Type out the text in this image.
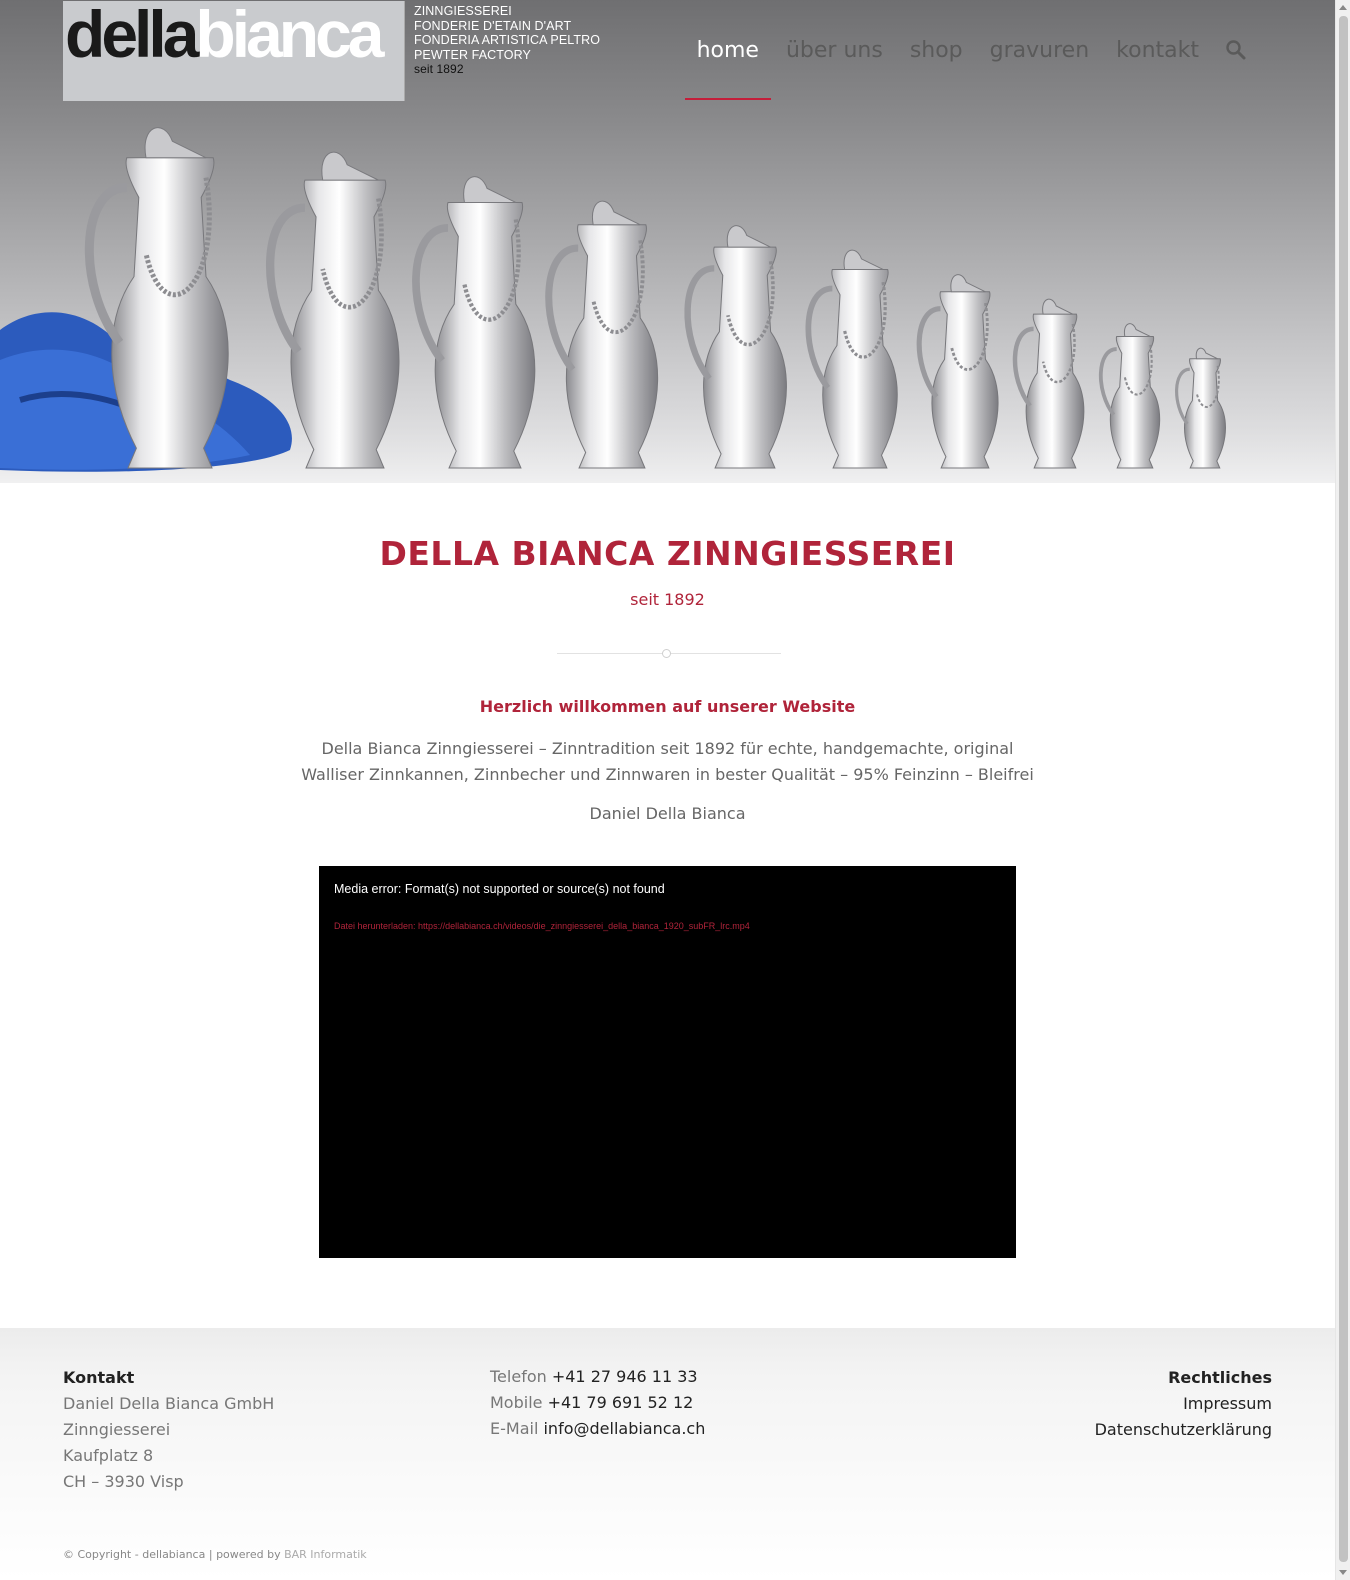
dellabianca	ZINNGIESSEREI
FONDERIE D'ETAIN D'ART
FONDERIA ARTISTICA PELTRO
PEWTER FACTORY
seit 1892
home über uns shop gravuren kontakt
DELLA BIANCA ZINNGIESSEREI
seit 1892
Herzlich willkommen auf unserer Website

Della Bianca Zinngiesserei – Zinntradition seit 1892 für echte, handgemachte, original Walliser Zinnkannen, Zinnbecher und Zinnwaren in bester Qualität – 95% Feinzinn – Bleifrei

Daniel Della Bianca
Media error: Format(s) not supported or source(s) not found
Datei herunterladen: https://dellabianca.ch/videos/die_zinngiesserei_della_bianca_1920_subFR_lrc.mp4
Kontakt
Daniel Della Bianca GmbH
Zinngiesserei
Kaufplatz 8
CH – 3930 Visp
Telefon +41 27 946 11 33
Mobile +41 79 691 52 12
E-Mail info@dellabianca.ch
Rechtliches
Impressum
Datenschutzerklärung
© Copyright - dellabianca | powered by BAR Informatik
